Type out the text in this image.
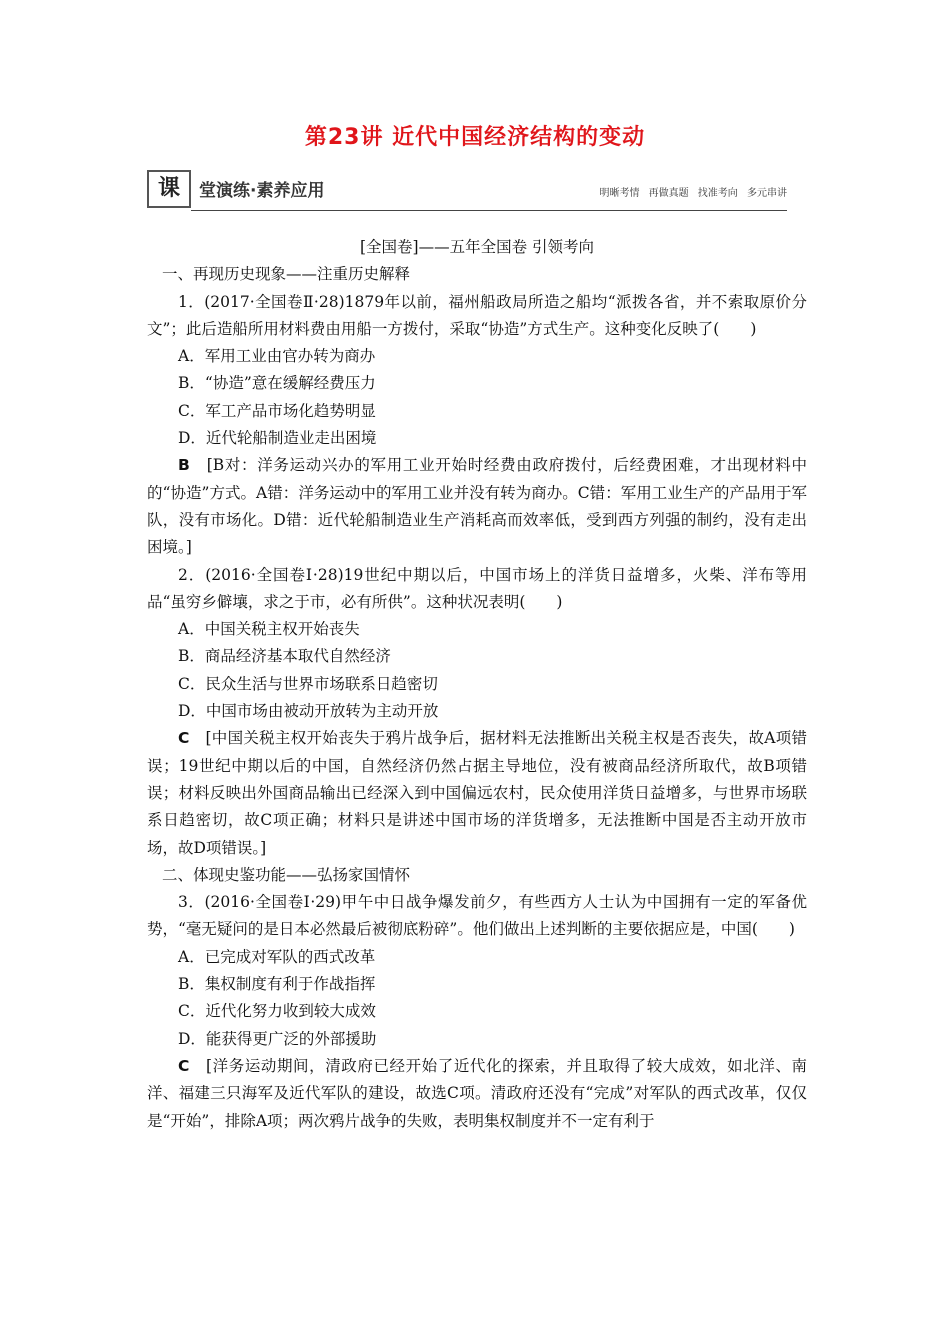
第23讲 近代中国经济结构的变动
课	堂演练·素养应用	明晰考情 再做真题 找准考向 多元串讲

[全国卷]——五年全国卷 引领考向

一、再现历史现象——注重历史解释

1．(2017·全国卷Ⅱ·28)1879年以前，福州船政局所造之船均“派拨各省，并不索取原价分文”；此后造船所用材料费由用船一方拨付，采取“协造”方式生产。这种变化反映了(　　)

A．军用工业由官办转为商办

B．“协造”意在缓解经费压力

C．军工产品市场化趋势明显

D．近代轮船制造业走出困境

B　 [B对：洋务运动兴办的军用工业开始时经费由政府拨付，后经费困难，才出现材料中的“协造”方式。A错：洋务运动中的军用工业并没有转为商办。C错：军用工业生产的产品用于军队，没有市场化。D错：近代轮船制造业生产消耗高而效率低，受到西方列强的制约，没有走出困境。]

2．(2016·全国卷Ⅰ·28)19世纪中期以后，中国市场上的洋货日益增多，火柴、洋布等用品“虽穷乡僻壤，求之于市，必有所供”。这种状况表明(　　)

A．中国关税主权开始丧失

B．商品经济基本取代自然经济

C．民众生活与世界市场联系日趋密切

D．中国市场由被动开放转为主动开放

C　 [中国关税主权开始丧失于鸦片战争后，据材料无法推断出关税主权是否丧失，故A项错误；19世纪中期以后的中国，自然经济仍然占据主导地位，没有被商品经济所取代，故B项错误；材料反映出外国商品输出已经深入到中国偏远农村，民众使用洋货日益增多，与世界市场联系日趋密切，故C项正确；材料只是讲述中国市场的洋货增多，无法推断中国是否主动开放市场，故D项错误。]

二、体现史鉴功能——弘扬家国情怀

3．(2016·全国卷Ⅰ·29)甲午中日战争爆发前夕，有些西方人士认为中国拥有一定的军备优势，“毫无疑问的是日本必然最后被彻底粉碎”。他们做出上述判断的主要依据应是，中国(　　)

A．已完成对军队的西式改革

B．集权制度有利于作战指挥

C．近代化努力收到较大成效

D．能获得更广泛的外部援助

C　 [洋务运动期间，清政府已经开始了近代化的探索，并且取得了较大成效，如北洋、南洋、福建三只海军及近代军队的建设，故选C项。清政府还没有“完成”对军队的西式改革，仅仅是“开始”，排除A项；两次鸦片战争的失败，表明集权制度并不一定有利于
